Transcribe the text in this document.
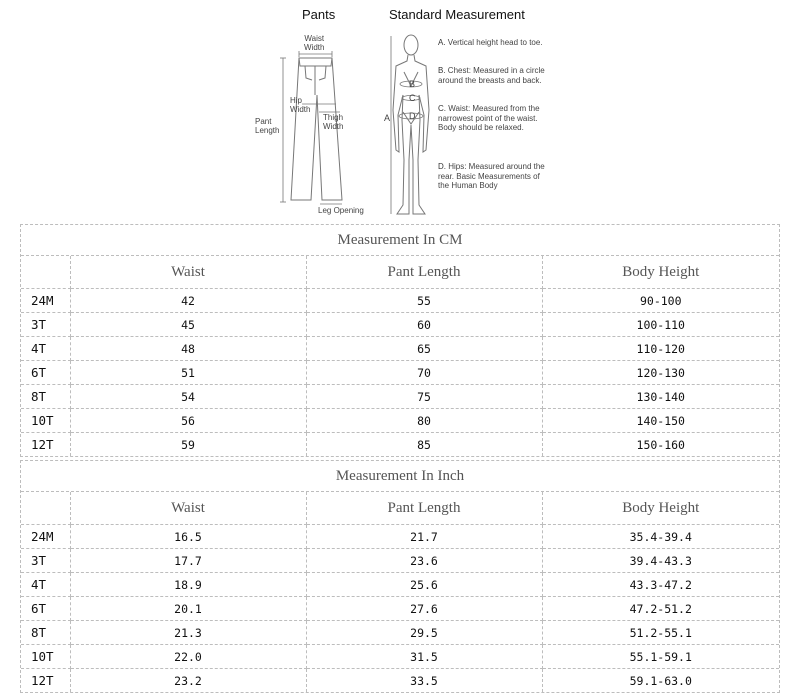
Pants	Standard Measurement
Waist
Width
Hip
Width
Pant
Length
Thigh
Width
Leg Opening
A
B
C
D
A. Vertical height head to toe.
B. Chest: Measured in a circle around the breasts and back.
C. Waist: Measured from the narrowest point of the waist. Body should be relaxed.
D. Hips: Measured around the rear. Basic Measurements of the Human Body
Measurement In CM
	Waist	Pant Length	Body Height
24M	42	55	90-100
3T	45	60	100-110
4T	48	65	110-120
6T	51	70	120-130
8T	54	75	130-140
10T	56	80	140-150
12T	59	85	150-160
Measurement In Inch
	Waist	Pant Length	Body Height
24M	16.5	21.7	35.4-39.4
3T	17.7	23.6	39.4-43.3
4T	18.9	25.6	43.3-47.2
6T	20.1	27.6	47.2-51.2
8T	21.3	29.5	51.2-55.1
10T	22.0	31.5	55.1-59.1
12T	23.2	33.5	59.1-63.0
